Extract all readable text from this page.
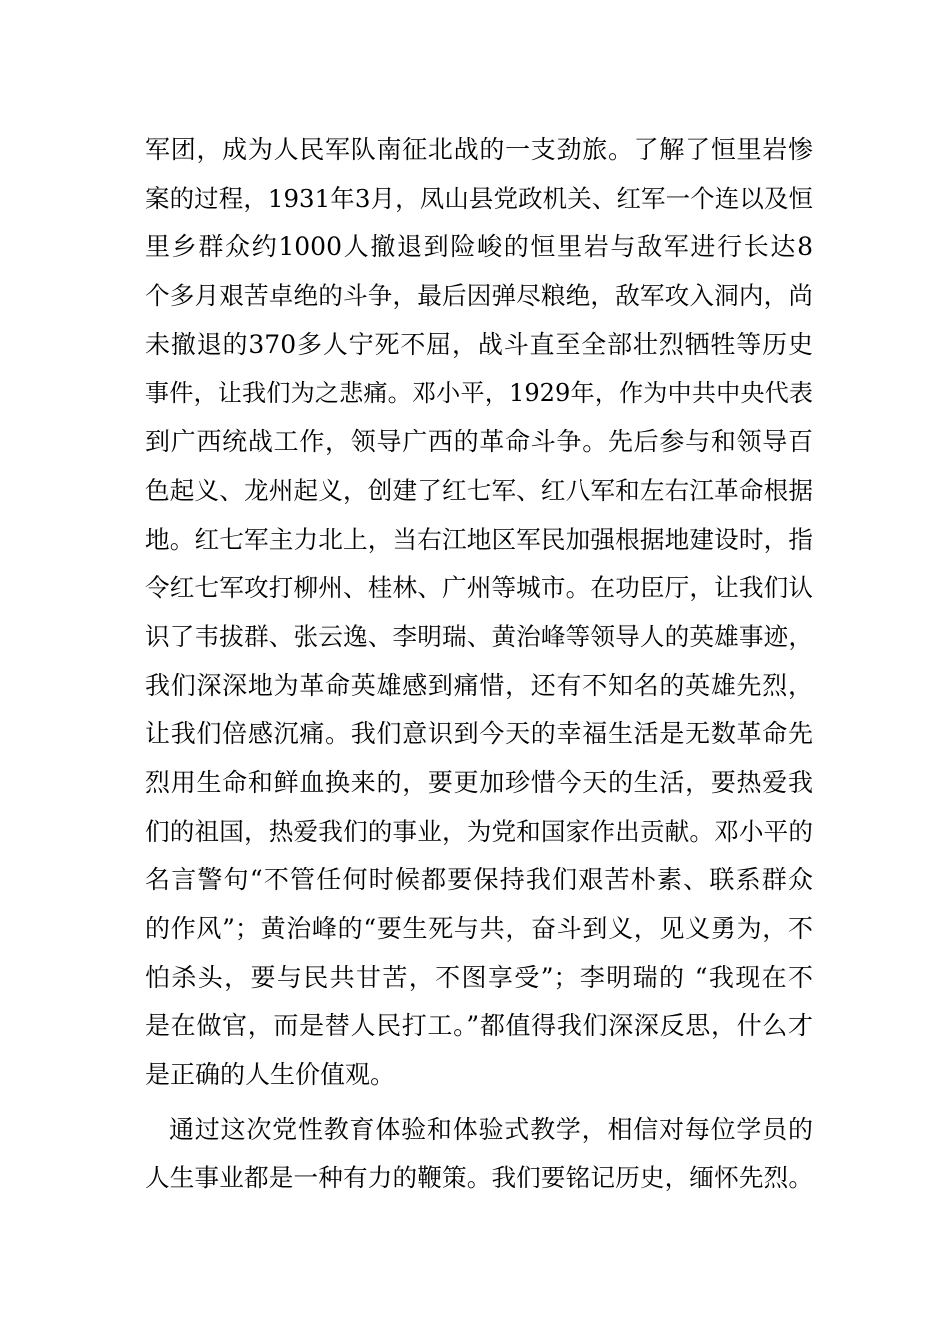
军团，成为人民军队南征北战的一支劲旅。了解了恒里岩惨
案的过程，1931年3月，凤山县党政机关、红军一个连以及恒
里乡群众约1000人撤退到险峻的恒里岩与敌军进行长达8
个多月艰苦卓绝的斗争，最后因弹尽粮绝，敌军攻入洞内，尚
未撤退的370多人宁死不屈，战斗直至全部壮烈牺牲等历史
事件，让我们为之悲痛。邓小平，1929年，作为中共中央代表
到广西统战工作，领导广西的革命斗争。先后参与和领导百
色起义、龙州起义，创建了红七军、红八军和左右江革命根据
地。红七军主力北上，当右江地区军民加强根据地建设时，指
令红七军攻打柳州、桂林、广州等城市。在功臣厅，让我们认
识了韦拔群、张云逸、李明瑞、黄治峰等领导人的英雄事迹，
我们深深地为革命英雄感到痛惜，还有不知名的英雄先烈，
让我们倍感沉痛。我们意识到今天的幸福生活是无数革命先
烈用生命和鲜血换来的，要更加珍惜今天的生活，要热爱我
们的祖国，热爱我们的事业，为党和国家作出贡献。邓小平的
名言警句“不管任何时候都要保持我们艰苦朴素、联系群众
的作风”；黄治峰的“要生死与共，奋斗到义，见义勇为，不
怕杀头，要与民共甘苦，不图享受”；李明瑞的 “我现在不
是在做官，而是替人民打工。”都值得我们深深反思，什么才
是正确的人生价值观。
通过这次党性教育体验和体验式教学，相信对每位学员的
人生事业都是一种有力的鞭策。我们要铭记历史，缅怀先烈。
